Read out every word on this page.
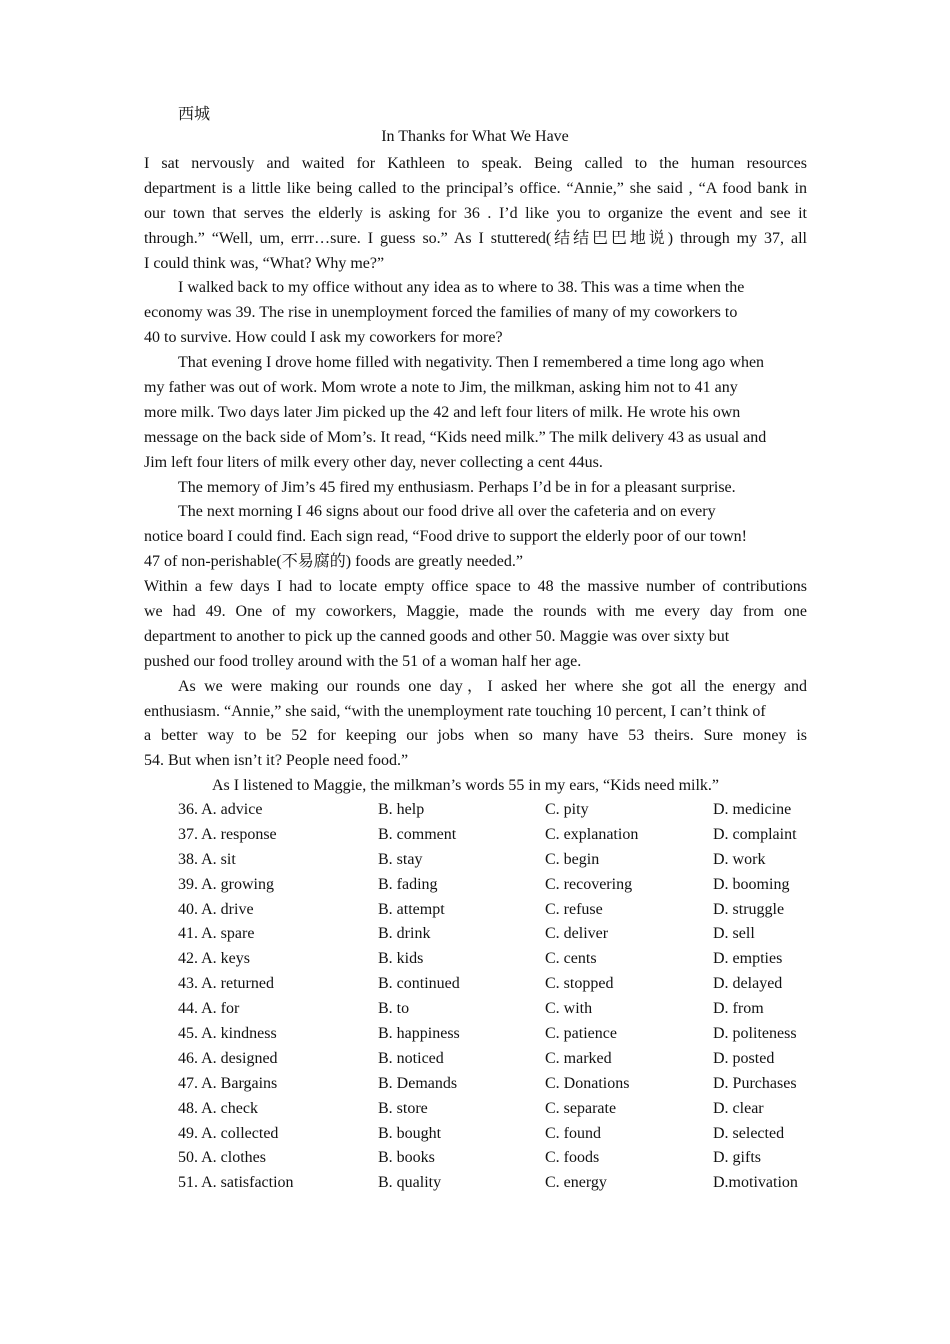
西城
In Thanks for What We Have
I sat nervously and waited for Kathleen to speak. Being called to the human resources
department is a little like being called to the principal’s office. “Annie,” she said , “A food bank in
our town that serves the elderly is asking for 36 . I’d like you to organize the event and see it
through.” “Well, um, errr…sure. I guess so.” As I stuttered(结结巴巴地说) through my 37, all
I could think was, “What? Why me?”
I walked back to my office without any idea as to where to 38. This was a time when the
economy was 39. The rise in unemployment forced the families of many of my coworkers to
40 to survive. How could I ask my coworkers for more?
That evening I drove home filled with negativity. Then I remembered a time long ago when
my father was out of work. Mom wrote a note to Jim, the milkman, asking him not to 41 any
more milk. Two days later Jim picked up the 42 and left four liters of milk. He wrote his own
message on the back side of Mom’s. It read, “Kids need milk.” The milk delivery 43 as usual and
Jim left four liters of milk every other day, never collecting a cent 44us.
The memory of Jim’s 45 fired my enthusiasm. Perhaps I’d be in for a pleasant surprise.
The next morning I 46 signs about our food drive all over the cafeteria and on every
notice board I could find. Each sign read, “Food drive to support the elderly poor of our town!
47 of non-perishable(不易腐的) foods are greatly needed.”
Within a few days I had to locate empty office space to 48 the massive number of contributions
we had 49. One of my coworkers, Maggie, made the rounds with me every day from one
department to another to pick up the canned goods and other 50. Maggie was over sixty but
pushed our food trolley around with the 51 of a woman half her age.
As we were making our rounds one day，I asked her where she got all the energy and
enthusiasm. “Annie,” she said, “with the unemployment rate touching 10 percent, I can’t think of
a better way to be 52 for keeping our jobs when so many have 53 theirs. Sure money is
54. But when isn’t it? People need food.”
As I listened to Maggie, the milkman’s words 55 in my ears, “Kids need milk.”
36. A. advice	B. help	C. pity	D. medicine
37. A. response	B. comment	C. explanation	D. complaint
38. A. sit	B. stay	C. begin	D. work
39. A. growing	B. fading	C. recovering	D. booming
40. A. drive	B. attempt	C. refuse	D. struggle
41. A. spare	B. drink	C. deliver	D. sell
42. A. keys	B. kids	C. cents	D. empties
43. A. returned	B. continued	C. stopped	D. delayed
44. A. for	B. to	C. with	D. from
45. A. kindness	B. happiness	C. patience	D. politeness
46. A. designed	B. noticed	C. marked	D. posted
47. A. Bargains	B. Demands	C. Donations	D. Purchases
48. A. check	B. store	C. separate	D. clear
49. A. collected	B. bought	C. found	D. selected
50. A. clothes	B. books	C. foods	D. gifts
51. A. satisfaction	B. quality	C. energy	D.motivation
